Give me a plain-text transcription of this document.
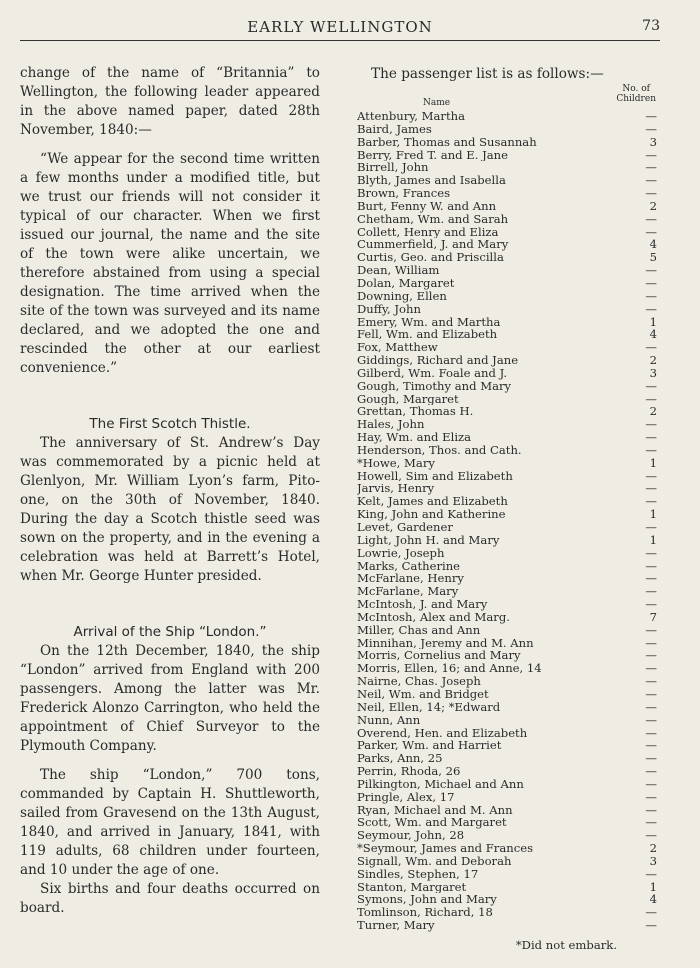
EARLY WELLINGTON	73

change of the name of “Britannia” to Wellington, the following leader appeared in the above named paper, dated 28th November, 1840:—

“We appear for the second time written a few months under a modified title, but we trust our friends will not consider it typical of our character. When we first issued our journal, the name and the site of the town were alike uncertain, we therefore abstained from using a special designation. The time arrived when the site of the town was surveyed and its name declared, and we adopted the one and rescinded the other at our earliest convenience.”

The First Scotch Thistle.

The anniversary of St. Andrew’s Day was commemorated by a picnic held at Glenlyon, Mr. William Lyon’s farm, Pito-one, on the 30th of November, 1840. During the day a Scotch thistle seed was sown on the property, and in the evening a celebration was held at Barrett’s Hotel, when Mr. George Hunter presided.

Arrival of the Ship “London.”

On the 12th December, 1840, the ship “London” arrived from England with 200 passengers. Among the latter was Mr. Frederick Alonzo Carrington, who held the appointment of Chief Surveyor to the Plymouth Company.

The ship “London,” 700 tons, commanded by Captain H. Shuttleworth, sailed from Gravesend on the 13th August, 1840, and arrived in January, 1841, with 119 adults, 68 children under fourteen, and 10 under the age of one.

Six births and four deaths occurred on board.

The passenger list is as follows:—

Name
No. of
Children
Attenbury, Martha	—
Baird, James	—
Barber, Thomas and Susannah	3
Berry, Fred T. and E. Jane	—
Birrell, John	—
Blyth, James and Isabella	—
Brown, Frances	—
Burt, Fenny W. and Ann	2
Chetham, Wm. and Sarah	—
Collett, Henry and Eliza	—
Cummerfield, J. and Mary	4
Curtis, Geo. and Priscilla	5
Dean, William	—
Dolan, Margaret	—
Downing, Ellen	—
Duffy, John	—
Emery, Wm. and Martha	1
Fell, Wm. and Elizabeth	4
Fox, Matthew	—
Giddings, Richard and Jane	2
Gilberd, Wm. Foale and J.	3
Gough, Timothy and Mary	—
Gough, Margaret	—
Grettan, Thomas H.	2
Hales, John	—
Hay, Wm. and Eliza	—
Henderson, Thos. and Cath.	—
*Howe, Mary	1
Howell, Sim and Elizabeth	—
Jarvis, Henry	—
Kelt, James and Elizabeth	—
King, John and Katherine	1
Levet, Gardener	—
Light, John H. and Mary	1
Lowrie, Joseph	—
Marks, Catherine	—
McFarlane, Henry	—
McFarlane, Mary	—
McIntosh, J. and Mary	—
McIntosh, Alex and Marg.	7
Miller, Chas and Ann	—
Minnihan, Jeremy and M. Ann	—
Morris, Cornelius and Mary	—
Morris, Ellen, 16; and Anne, 14	—
Nairne, Chas. Joseph	—
Neil, Wm. and Bridget	—
Neil, Ellen, 14; *Edward	—
Nunn, Ann	—
Overend, Hen. and Elizabeth	—
Parker, Wm. and Harriet	—
Parks, Ann, 25	—
Perrin, Rhoda, 26	—
Pilkington, Michael and Ann	—
Pringle, Alex, 17	—
Ryan, Michael and M. Ann	—
Scott, Wm. and Margaret	—
Seymour, John, 28	—
*Seymour, James and Frances	2
Signall, Wm. and Deborah	3
Sindles, Stephen, 17	—
Stanton, Margaret	1
Symons, John and Mary	4
Tomlinson, Richard, 18	—
Turner, Mary	—
*Did not embark.
